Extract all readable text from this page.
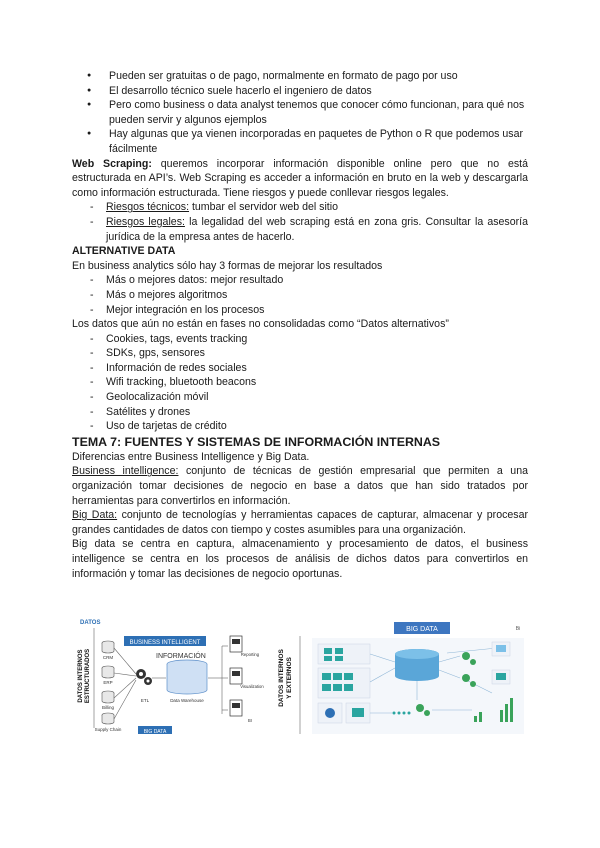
● Pueden ser gratuitas o de pago, normalmente en formato de pago por uso
● El desarrollo técnico suele hacerlo el ingeniero de datos
● Pero como business o data analyst tenemos que conocer cómo funcionan, para qué nos pueden servir y algunos ejemplos
● Hay algunas que ya vienen incorporadas en paquetes de Python o R que podemos usar fácilmente

Web Scraping: queremos incorporar información disponible online pero que no está estructurada en API’s. Web Scraping es acceder a información en bruto en la web y descargarla como información estructurada. Tiene riesgos y puede conllevar riesgos legales.

- Riesgos técnicos: tumbar el servidor web del sitio
- Riesgos legales: la legalidad del web scraping está en zona gris. Consultar la asesoría jurídica de la empresa antes de hacerlo.

ALTERNATIVE DATA

En business analytics sólo hay 3 formas de mejorar los resultados

- Más o mejores datos: mejor resultado
- Más o mejores algoritmos
- Mejor integración en los procesos

Los datos que aún no están en fases no consolidadas como “Datos alternativos”

- Cookies, tags, events tracking
- SDKs, gps, sensores
- Información de redes sociales
- Wifi tracking, bluetooth beacons
- Geolocalización móvil
- Satélites y drones
- Uso de tarjetas de crédito

TEMA 7: FUENTES Y SISTEMAS DE INFORMACIÓN INTERNAS

Diferencias entre Business Intelligence y Big Data.

Business intelligence: conjunto de técnicas de gestión empresarial que permiten a una organización tomar decisiones de negocio en base a datos que han sido tratados por herramientas para convertirlos en información.

Big Data: conjunto de tecnologías y herramientas capaces de capturar, almacenar y procesar grandes cantidades de datos con tiempo y costes asumibles para una organización.

Big data se centra en captura, almacenamiento y procesamiento de datos, el business intelligence se centra en los procesos de análisis de dichos datos para convertirlos en información y tomar las decisiones de negocio oportunas.

DATOS INTERNOS ESTRUCTURADOS
DATOS
BUSINESS INTELLIGENT
INFORMACIÓN
CRM
ERP
Billing
Supply Chain
ETL	Data Warehouse
Reporting
Visualization
BI
BIG DATA
DATOS INTERNOS Y EXTERNOS
BIG DATA	Bi
